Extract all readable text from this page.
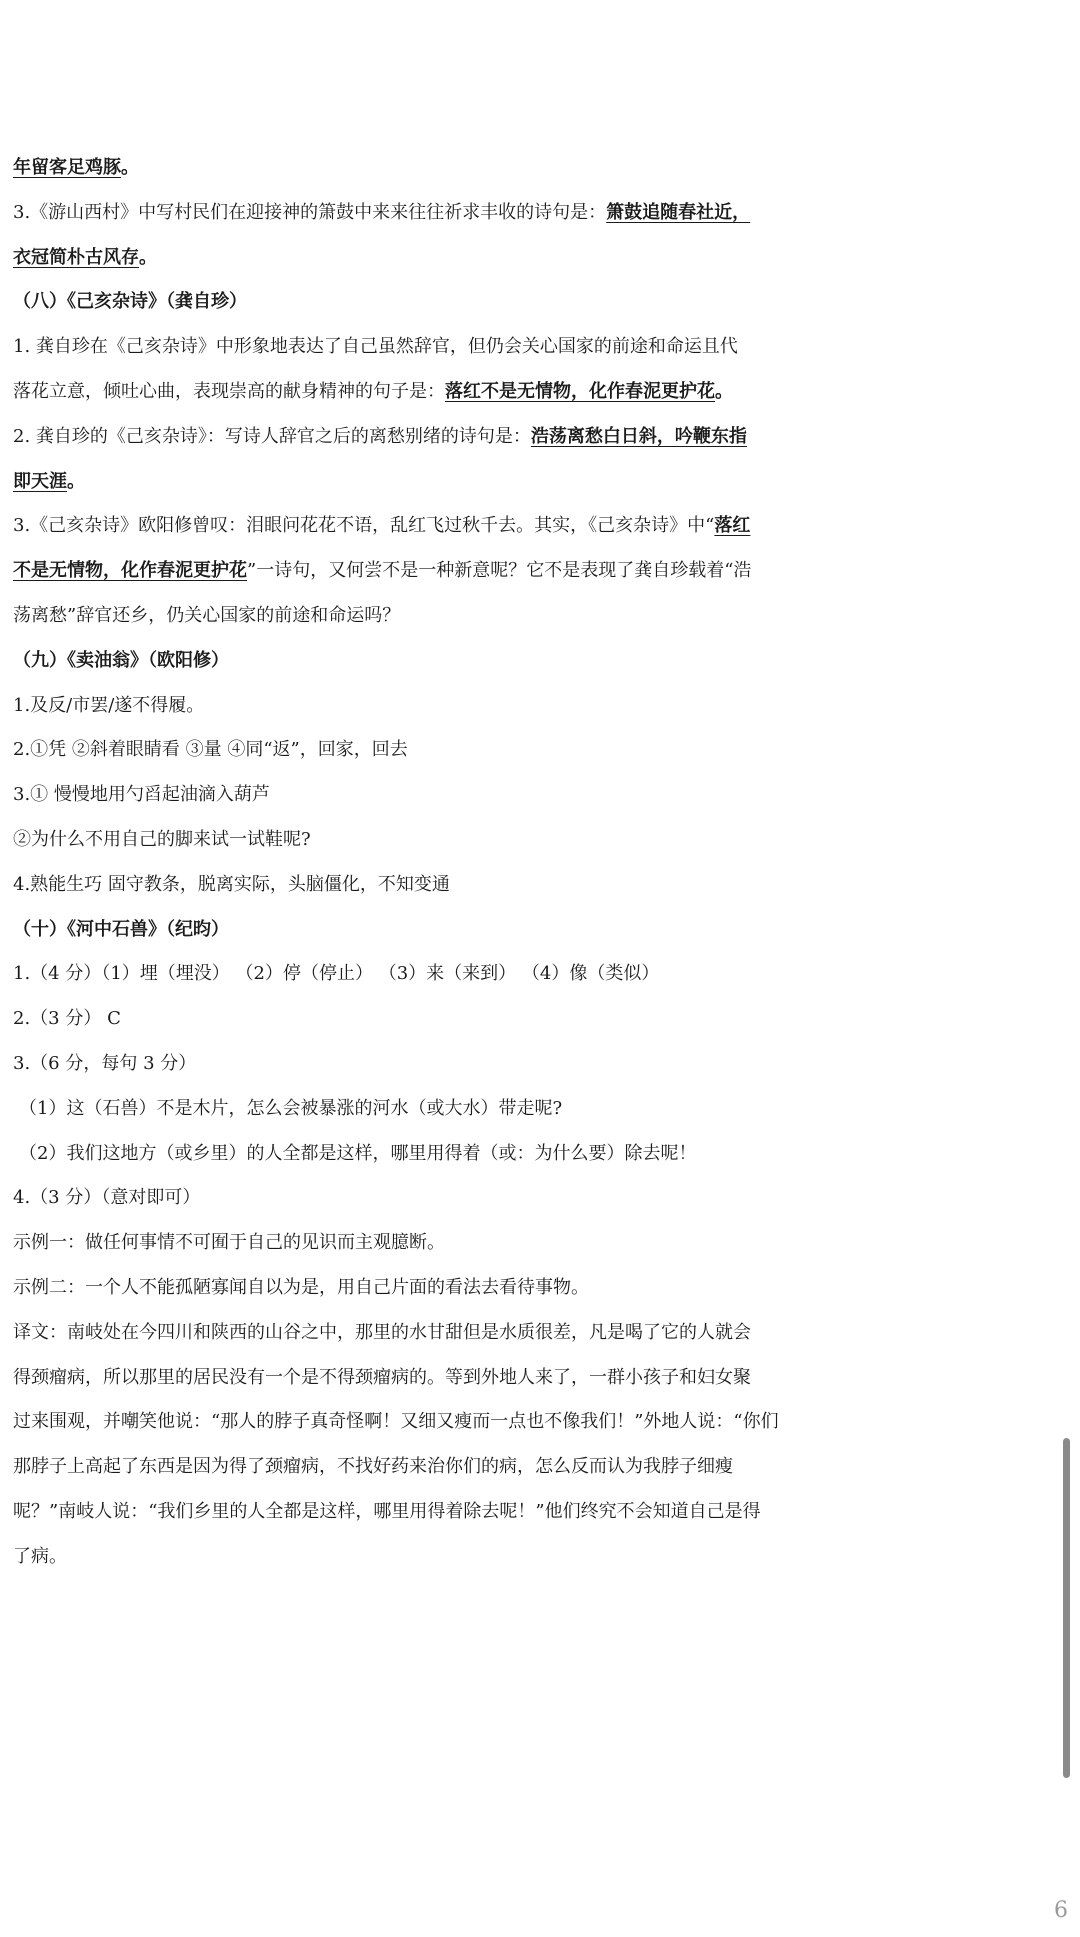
年留客足鸡豚。
3.《游山西村》中写村民们在迎接神的箫鼓中来来往往祈求丰收的诗句是：箫鼓追随春社近，
衣冠简朴古风存。
（八）《己亥杂诗》（龚自珍）
1. 龚自珍在《己亥杂诗》中形象地表达了自己虽然辞官，但仍会关心国家的前途和命运且代
落花立意，倾吐心曲，表现崇高的献身精神的句子是：落红不是无情物，化作春泥更护花。
2. 龚自珍的《己亥杂诗》：写诗人辞官之后的离愁别绪的诗句是：浩荡离愁白日斜，吟鞭东指
即天涯。
3.《己亥杂诗》欧阳修曾叹：泪眼问花花不语，乱红飞过秋千去。其实，《己亥杂诗》中“落红
不是无情物，化作春泥更护花”一诗句，又何尝不是一种新意呢？它不是表现了龚自珍载着“浩
荡离愁”辞官还乡，仍关心国家的前途和命运吗？
（九）《卖油翁》（欧阳修）
1.及反/市罢/遂不得履。
2.①凭 ②斜着眼睛看 ③量 ④同“返”，回家，回去
3.① 慢慢地用勺舀起油滴入葫芦
②为什么不用自己的脚来试一试鞋呢?
4.熟能生巧 固守教条，脱离实际，头脑僵化，不知变通
（十）《河中石兽》（纪昀）
1.（4 分）（1）埋（埋没） （2）停（停止） （3）来（来到） （4）像（类似）
2.（3 分） C
3.（6 分，每句 3 分）
（1）这（石兽）不是木片，怎么会被暴涨的河水（或大水）带走呢?
（2）我们这地方（或乡里）的人全都是这样，哪里用得着（或：为什么要）除去呢！
4.（3 分）（意对即可）
示例一：做任何事情不可囿于自己的见识而主观臆断。
示例二：一个人不能孤陋寡闻自以为是，用自己片面的看法去看待事物。
译文：南岐处在今四川和陕西的山谷之中，那里的水甘甜但是水质很差，凡是喝了它的人就会
得颈瘤病，所以那里的居民没有一个是不得颈瘤病的。等到外地人来了，一群小孩子和妇女聚
过来围观，并嘲笑他说：“那人的脖子真奇怪啊！又细又瘦而一点也不像我们！”外地人说：“你们
那脖子上高起了东西是因为得了颈瘤病，不找好药来治你们的病，怎么反而认为我脖子细瘦
呢？”南岐人说：“我们乡里的人全都是这样，哪里用得着除去呢！”他们终究不会知道自己是得
了病。
6
